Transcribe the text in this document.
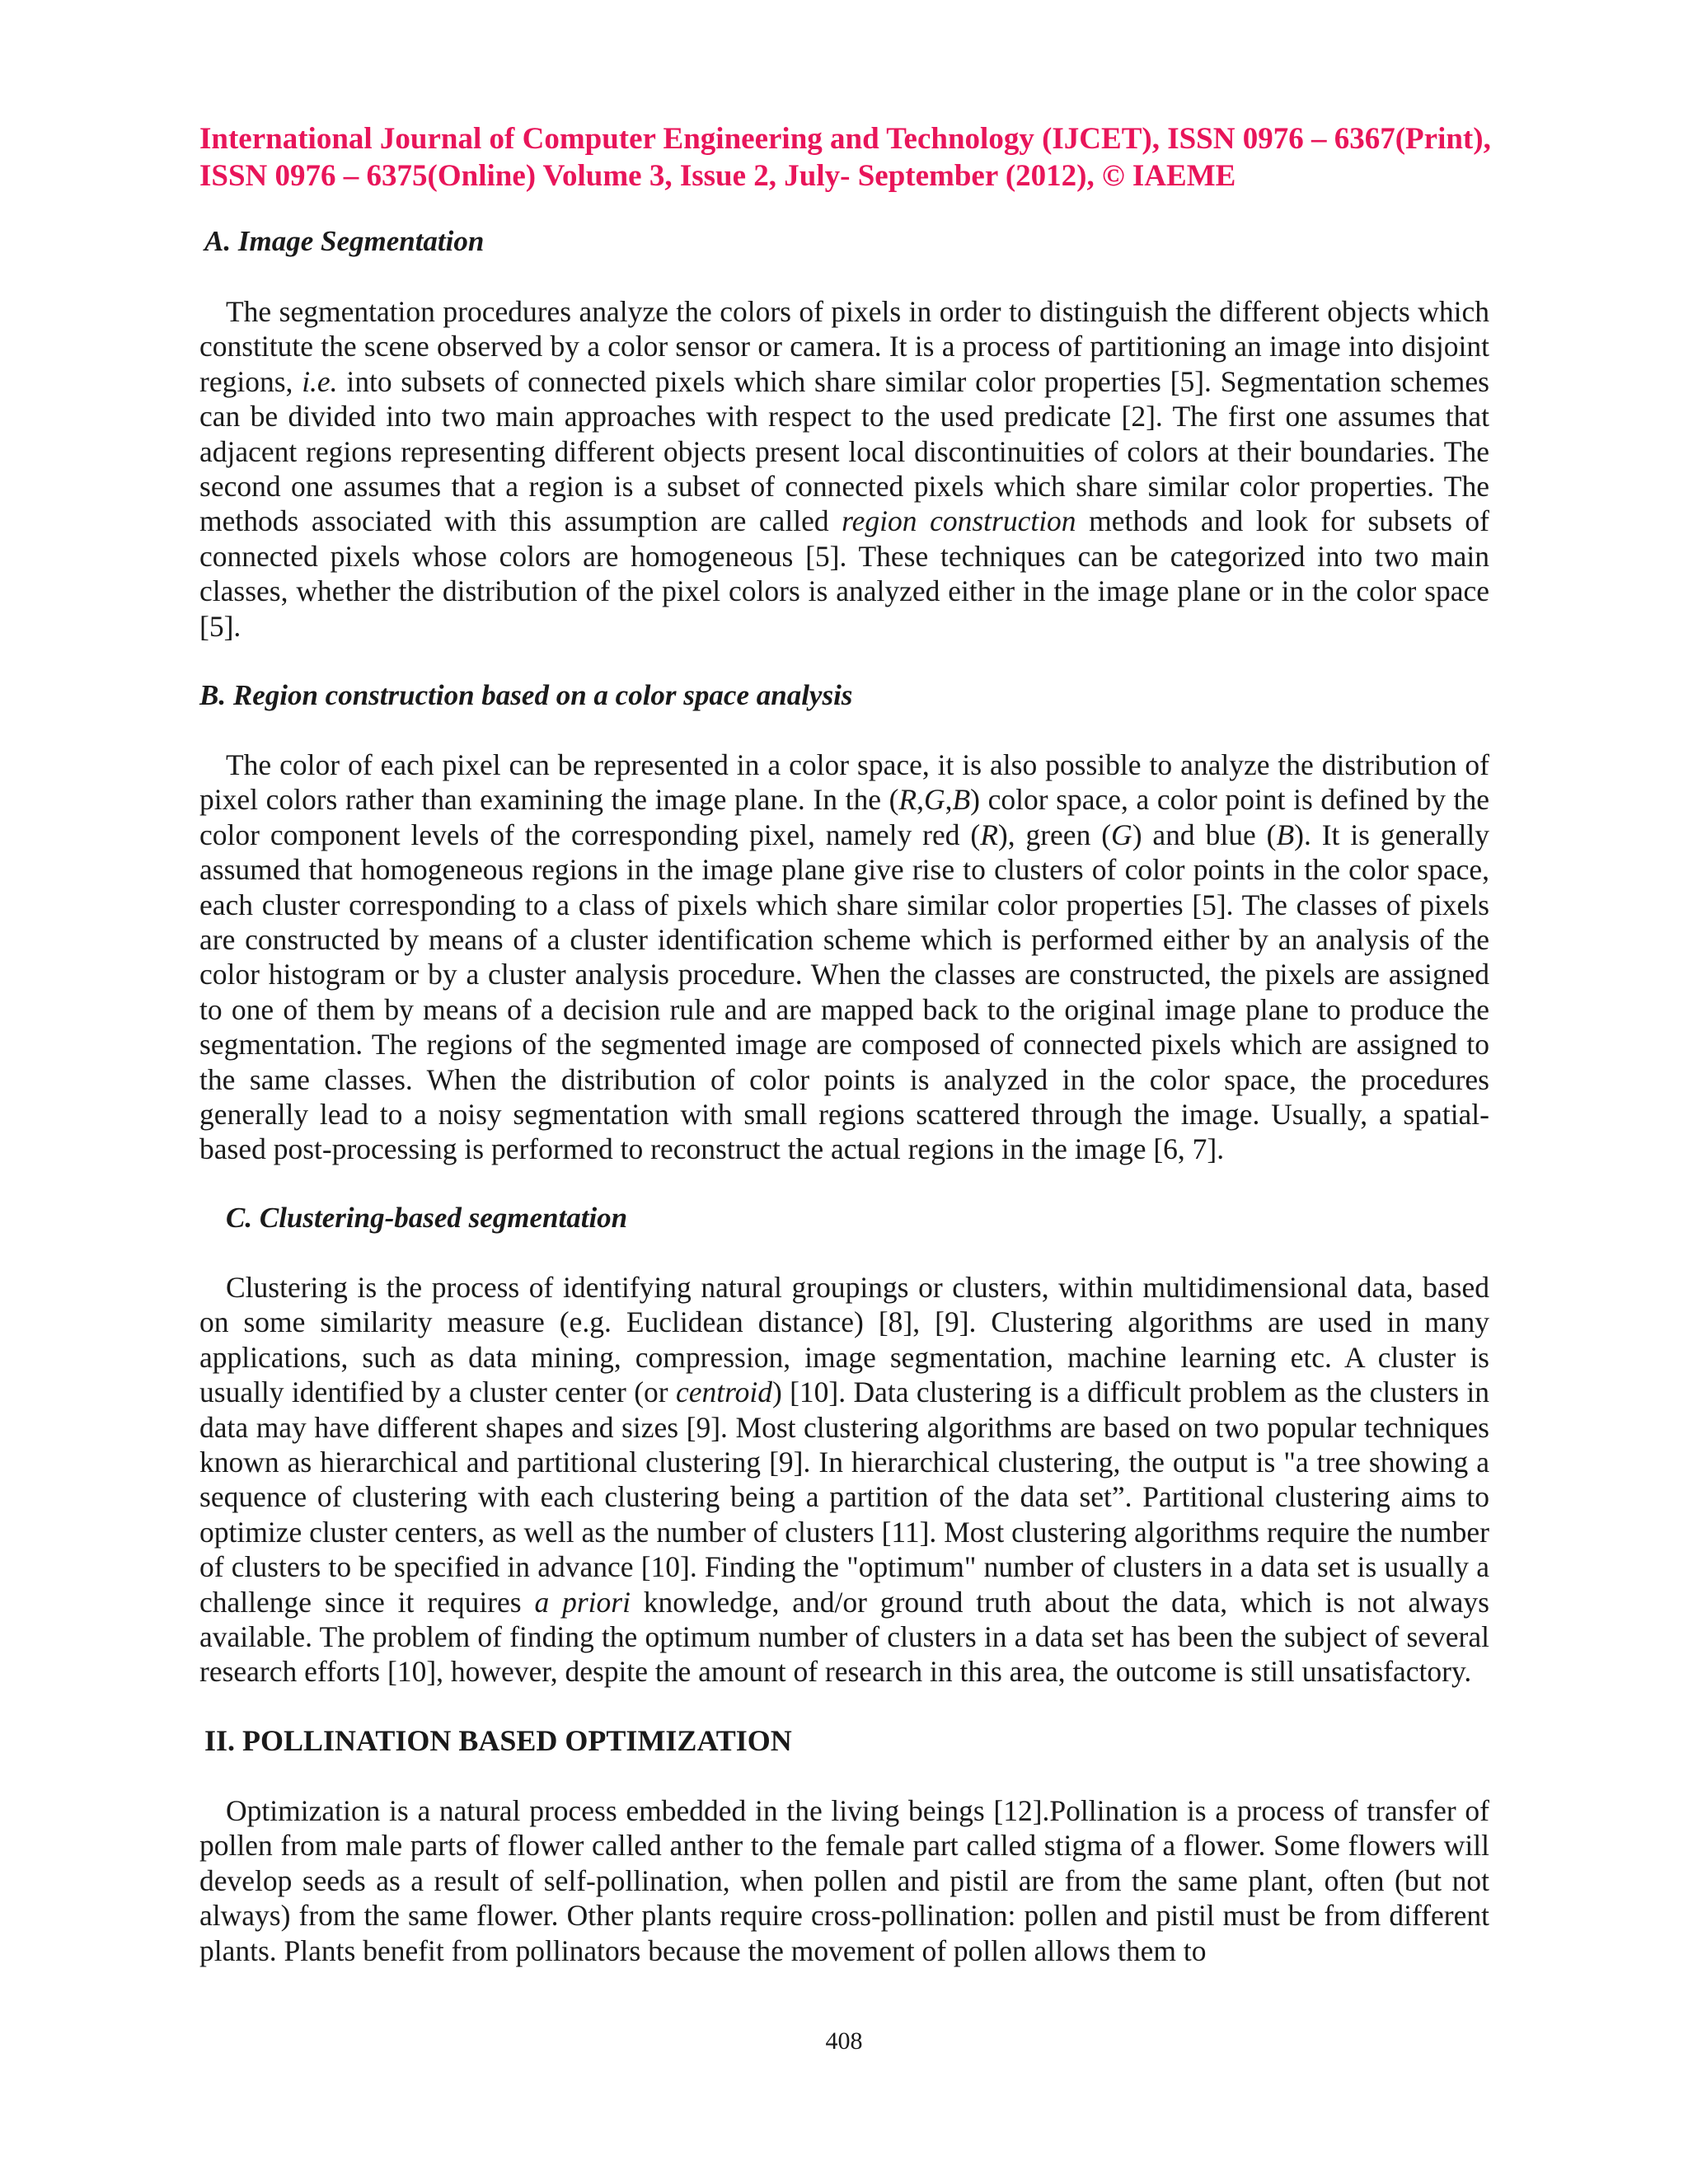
International Journal of Computer Engineering and Technology (IJCET), ISSN 0976 – 6367(Print),
ISSN 0976 – 6375(Online) Volume 3, Issue 2, July- September (2012), © IAEME
A. Image Segmentation
The segmentation procedures analyze the colors of pixels in order to distinguish the different objects which constitute the scene observed by a color sensor or camera. It is a process of partitioning an image into disjoint regions, i.e. into subsets of connected pixels which share similar color properties [5]. Segmentation schemes can be divided into two main approaches with respect to the used predicate [2]. The first one assumes that adjacent regions representing different objects present local discontinuities of colors at their boundaries. The second one assumes that a region is a subset of connected pixels which share similar color properties. The methods associated with this assumption are called region construction methods and look for subsets of connected pixels whose colors are homogeneous [5]. These techniques can be categorized into two main classes, whether the distribution of the pixel colors is analyzed either in the image plane or in the color space [5].
B. Region construction based on a color space analysis
The color of each pixel can be represented in a color space, it is also possible to analyze the distribution of pixel colors rather than examining the image plane. In the (R,G,B) color space, a color point is defined by the color component levels of the corresponding pixel, namely red (R), green (G) and blue (B). It is generally assumed that homogeneous regions in the image plane give rise to clusters of color points in the color space, each cluster corresponding to a class of pixels which share similar color properties [5]. The classes of pixels are constructed by means of a cluster identification scheme which is performed either by an analysis of the color histogram or by a cluster analysis procedure. When the classes are constructed, the pixels are assigned to one of them by means of a decision rule and are mapped back to the original image plane to produce the segmentation. The regions of the segmented image are composed of connected pixels which are assigned to the same classes. When the distribution of color points is analyzed in the color space, the procedures generally lead to a noisy segmentation with small regions scattered through the image. Usually, a spatial-based post-processing is performed to reconstruct the actual regions in the image [6, 7].
C. Clustering-based segmentation
Clustering is the process of identifying natural groupings or clusters, within multidimensional data, based on some similarity measure (e.g. Euclidean distance) [8], [9]. Clustering algorithms are used in many applications, such as data mining, compression, image segmentation, machine learning etc. A cluster is usually identified by a cluster center (or centroid) [10]. Data clustering is a difficult problem as the clusters in data may have different shapes and sizes [9]. Most clustering algorithms are based on two popular techniques known as hierarchical and partitional clustering [9]. In hierarchical clustering, the output is "a tree showing a sequence of clustering with each clustering being a partition of the data set”. Partitional clustering aims to optimize cluster centers, as well as the number of clusters [11]. Most clustering algorithms require the number of clusters to be specified in advance [10]. Finding the "optimum" number of clusters in a data set is usually a challenge since it requires a priori knowledge, and/or ground truth about the data, which is not always available. The problem of finding the optimum number of clusters in a data set has been the subject of several research efforts [10], however, despite the amount of research in this area, the outcome is still unsatisfactory.
II. POLLINATION BASED OPTIMIZATION
Optimization is a natural process embedded in the living beings [12].Pollination is a process of transfer of pollen from male parts of flower called anther to the female part called stigma of a flower. Some flowers will develop seeds as a result of self-pollination, when pollen and pistil are from the same plant, often (but not always) from the same flower. Other plants require cross-pollination: pollen and pistil must be from different plants. Plants benefit from pollinators because the movement of pollen allows them to
408
